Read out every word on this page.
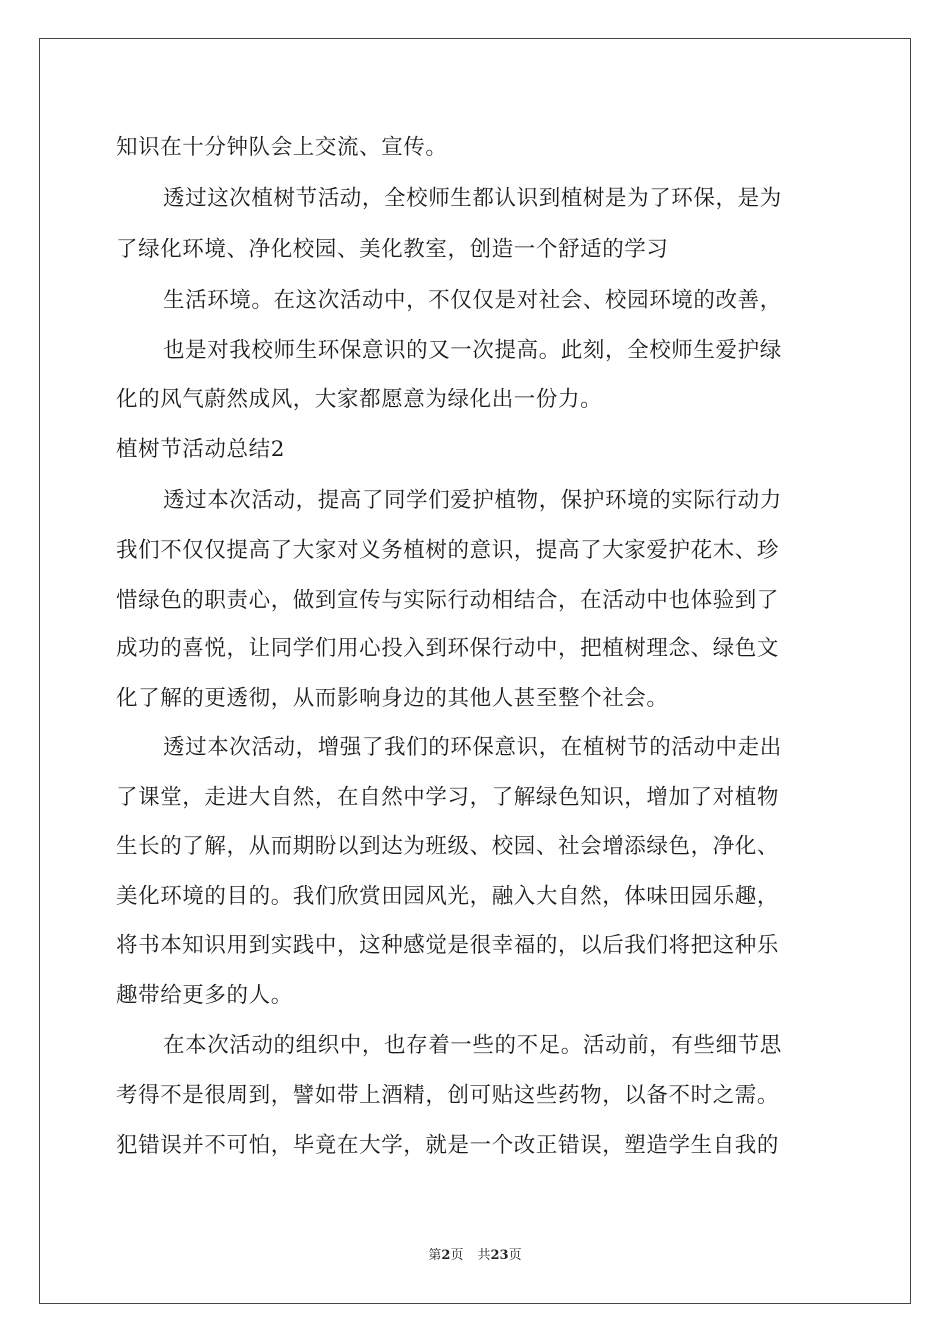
知识在十分钟队会上交流、宣传。
透过这次植树节活动，全校师生都认识到植树是为了环保，是为
了绿化环境、净化校园、美化教室，创造一个舒适的学习
生活环境。在这次活动中，不仅仅是对社会、校园环境的改善，
也是对我校师生环保意识的又一次提高。此刻，全校师生爱护绿
化的风气蔚然成风，大家都愿意为绿化出一份力。
植树节活动总结2
透过本次活动，提高了同学们爱护植物，保护环境的实际行动力
我们不仅仅提高了大家对义务植树的意识，提高了大家爱护花木、珍
惜绿色的职责心，做到宣传与实际行动相结合，在活动中也体验到了
成功的喜悦，让同学们用心投入到环保行动中，把植树理念、绿色文
化了解的更透彻，从而影响身边的其他人甚至整个社会。
透过本次活动，增强了我们的环保意识，在植树节的活动中走出
了课堂，走进大自然，在自然中学习，了解绿色知识，增加了对植物
生长的了解，从而期盼以到达为班级、校园、社会增添绿色，净化、
美化环境的目的。我们欣赏田园风光，融入大自然，体味田园乐趣，
将书本知识用到实践中，这种感觉是很幸福的，以后我们将把这种乐
趣带给更多的人。
在本次活动的组织中，也存着一些的不足。活动前，有些细节思
考得不是很周到，譬如带上酒精，创可贴这些药物，以备不时之需。
犯错误并不可怕，毕竟在大学，就是一个改正错误，塑造学生自我的
第2页 共23页
